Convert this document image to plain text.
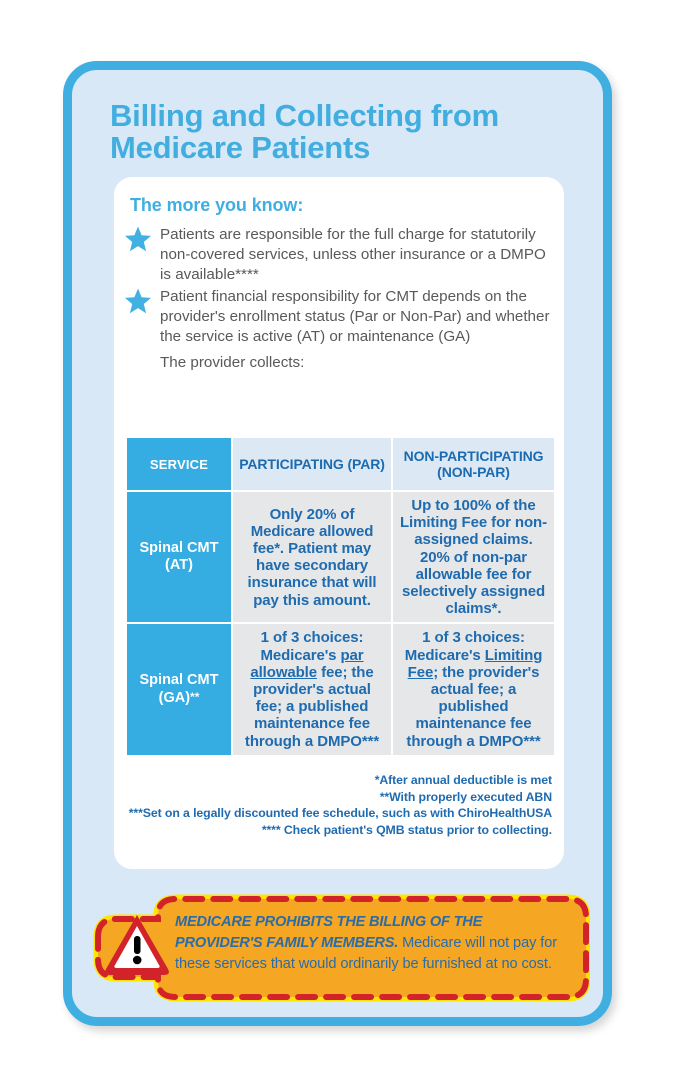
Billing and Collecting from Medicare Patients
The more you know:
Patients are responsible for the full charge for statutorily non-covered services, unless other insurance or a DMPO is available****
Patient financial responsibility for CMT depends on the provider's enrollment status (Par or Non-Par) and whether the service is active (AT) or maintenance (GA)
The provider collects:
SERVICE	PARTICIPATING (PAR)	NON-PARTICIPATING (NON-PAR)
Spinal CMT (AT)	Only 20% of Medicare allowed fee*. Patient may have secondary insurance that will pay this amount.	Up to 100% of the Limiting Fee for non-assigned claims. 20% of non-par allowable fee for selectively assigned claims*.
Spinal CMT (GA)**	1 of 3 choices: Medicare's par allowable fee; the provider's actual fee; a published maintenance fee through a DMPO***	1 of 3 choices: Medicare's Limiting Fee; the provider's actual fee; a published maintenance fee through a DMPO***
*After annual deductible is met
**With properly executed ABN
***Set on a legally discounted fee schedule, such as with ChiroHealthUSA
**** Check patient's QMB status prior to collecting.
MEDICARE PROHIBITS THE BILLING OF THE PROVIDER'S FAMILY MEMBERS. Medicare will not pay for these services that would ordinarily be furnished at no cost.
